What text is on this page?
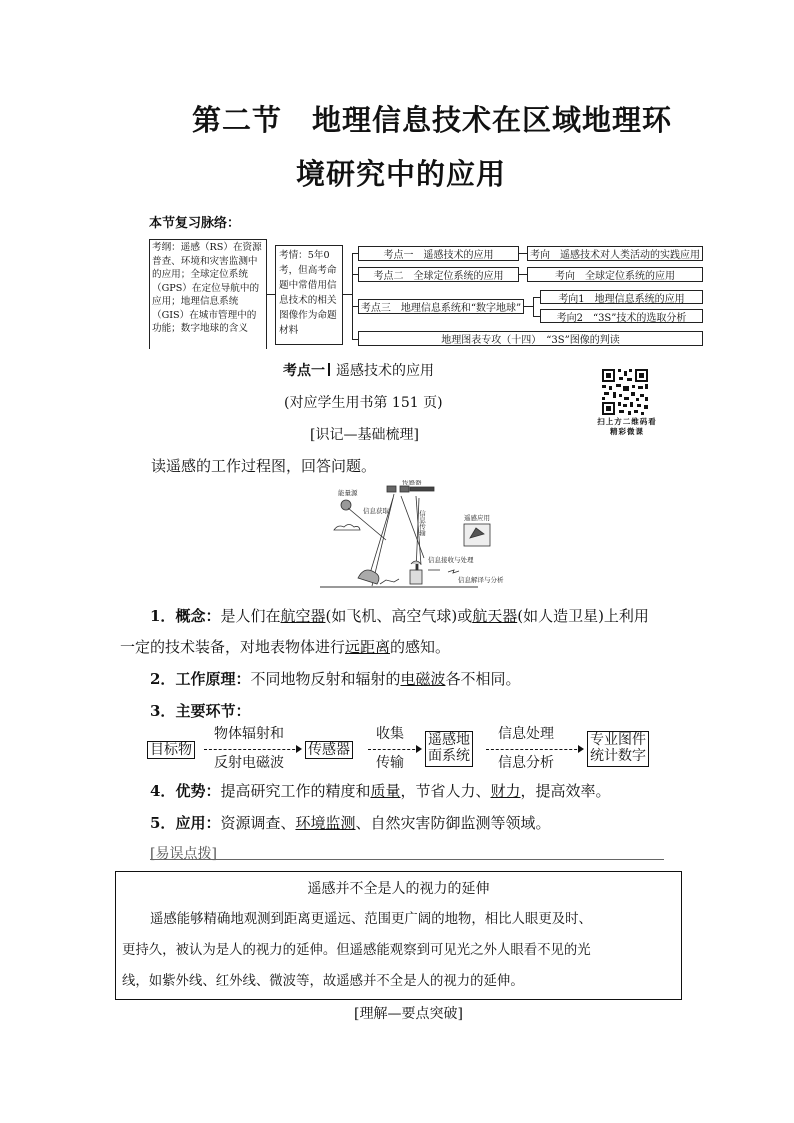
第二节　地理信息技术在区域地理环
境研究中的应用
本节复习脉络：
考纲：遥感（RS）在资源普查、环境和灾害监测中的应用；全球定位系统（GPS）在定位导航中的应用；地理信息系统（GIS）在城市管理中的功能；数字地球的含义
考情：5年0考，但高考命题中常借用信息技术的相关图像作为命题材料
考点一　遥感技术的应用	考向　遥感技术对人类活动的实践应用
考点二　全球定位系统的应用	考向　全球定位系统的应用
考点三　地理信息系统和“数字地球”
考向1　地理信息系统的应用
考向2　“3S”技术的选取分析
地理图表专攻（十四）　“3S”图像的判读
考点一 遥感技术的应用
(对应学生用书第 151 页)
[识记—基础梳理]
扫上方二维码看精彩微课
读遥感的工作过程图，回答问题。
能量源
传感器
信息获取
遥感应用
信息接收与处理
信息解译与分析
信息传输
1．概念：是人们在航空器(如飞机、高空气球)或航天器(如人造卫星)上利用
一定的技术装备，对地表物体进行远距离的感知。
2．工作原理：不同地物反射和辐射的电磁波各不相同。
3．主要环节：
目标物
物体辐射和
反射电磁波
传感器
收集
传输
遥感地
面系统
信息处理
信息分析
专业图件
统计数字
4．优势：提高研究工作的精度和质量，节省人力、财力，提高效率。
5．应用：资源调查、环境监测、自然灾害防御监测等领域。
[易误点拨]
遥感并不全是人的视力的延伸
遥感能够精确地观测到距离更遥远、范围更广阔的地物，相比人眼更及时、
更持久，被认为是人的视力的延伸。但遥感能观察到可见光之外人眼看不见的光
线，如紫外线、红外线、微波等，故遥感并不全是人的视力的延伸。
[理解—要点突破]
